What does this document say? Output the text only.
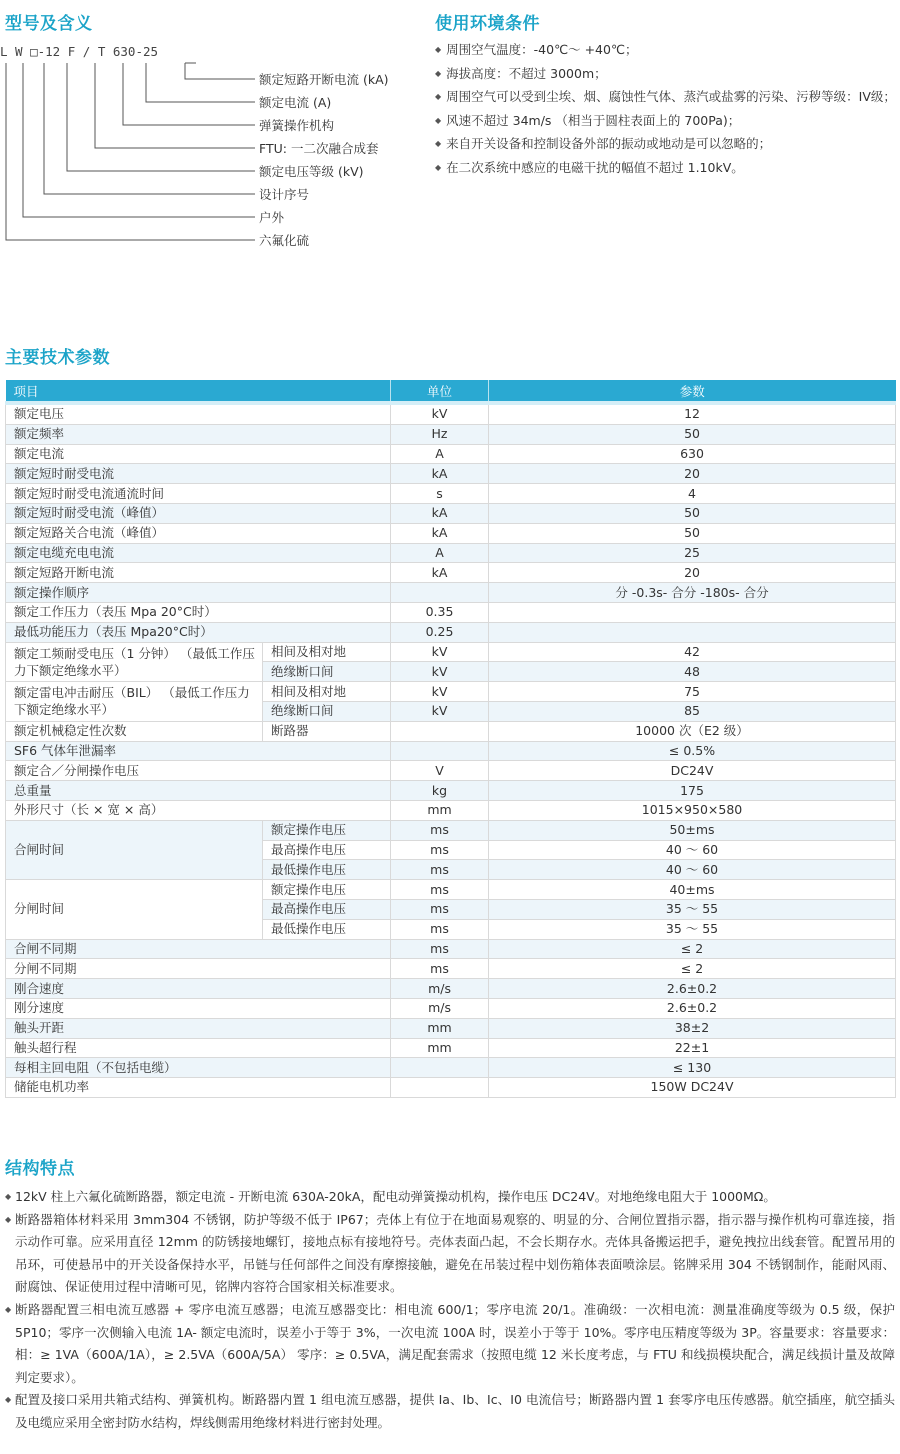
型号及含义
L W □-12 F / T 630-25
额定短路开断电流 (kA)
额定电流 (A)
弹簧操作机构
FTU: 一二次融合成套
额定电压等级 (kV)
设计序号
户外
六氟化硫
使用环境条件
◆ 周围空气温度：-40℃～ +40℃；
◆ 海拔高度：不超过 3000m；
◆ 周围空气可以受到尘埃、烟、腐蚀性气体、蒸汽或盐雾的污染、污秽等级：IV级；
◆ 风速不超过 34m/s （相当于圆柱表面上的 700Pa)；
◆ 来自开关设备和控制设备外部的振动或地动是可以忽略的；
◆ 在二次系统中感应的电磁干扰的幅值不超过 1.10kV。
主要技术参数
项目		单位	参数
额定电压		kV	12
额定频率		Hz	50
额定电流		A	630
额定短时耐受电流		kA	20
额定短时耐受电流通流时间		s	4
额定短时耐受电流（峰值）		kA	50
额定短路关合电流（峰值）		kA	50
额定电缆充电电流		A	25
额定短路开断电流		kA	20
额定操作顺序			分 -0.3s- 合分 -180s- 合分
额定工作压力（表压 Mpa 20°C时）		0.35	
最低功能压力（表压 Mpa20°C时）		0.25	
额定工频耐受电压（1 分钟） （最低工作压力下额定绝缘水平）	相间及相对地	kV	42
	绝缘断口间	kV	48
额定雷电冲击耐压（BIL） （最低工作压力下额定绝缘水平）	相间及相对地	kV	75
	绝缘断口间	kV	85
额定机械稳定性次数	断路器		10000 次（E2 级）
SF6 气体年泄漏率			≤ 0.5%
额定合／分闸操作电压		V	DC24V
总重量		kg	175
外形尺寸（长 × 宽 × 高）		mm	1015×950×580
合闸时间	额定操作电压	ms	50±ms
	最高操作电压	ms	40 ～ 60
	最低操作电压	ms	40 ～ 60
分闸时间	额定操作电压	ms	40±ms
	最高操作电压	ms	35 ～ 55
	最低操作电压	ms	35 ～ 55
合闸不同期		ms	≤ 2
分闸不同期		ms	≤ 2
刚合速度		m/s	2.6±0.2
刚分速度		m/s	2.6±0.2
触头开距		mm	38±2
触头超行程		mm	22±1
每相主回电阻（不包括电缆）			≤ 130
储能电机功率			150W DC24V
结构特点
◆ 12kV 柱上六氟化硫断路器，额定电流 - 开断电流 630A-20kA，配电动弹簧操动机构，操作电压 DC24V。对地绝缘电阻大于 1000MΩ。
◆ 断路器箱体材料采用 3mm304 不锈钢，防护等级不低于 IP67；壳体上有位于在地面易观察的、明显的分、合闸位置指示器，指示器与操作机构可靠连接，指示动作可靠。应采用直径 12mm 的防锈接地螺钉，接地点标有接地符号。壳体表面凸起，不会长期存水。壳体具备搬运把手，避免拽拉出线套管。配置吊用的吊环，可使悬吊中的开关设备保持水平，吊链与任何部件之间没有摩擦接触，避免在吊装过程中划伤箱体表面喷涂层。铭牌采用 304 不锈钢制作，能耐风雨、耐腐蚀、保证使用过程中清晰可见，铭牌内容符合国家相关标准要求。
◆ 断路器配置三相电流互感器 + 零序电流互感器；电流互感器变比：相电流 600/1；零序电流 20/1。准确级：一次相电流：测量准确度等级为 0.5 级，保护 5P10；零序一次侧输入电流 1A- 额定电流时，误差小于等于 3%，一次电流 100A 时，误差小于等于 10%。零序电压精度等级为 3P。容量要求：容量要求：相：≥ 1VA（600A/1A），≥ 2.5VA（600A/5A） 零序：≥ 0.5VA，满足配套需求（按照电缆 12 米长度考虑，与 FTU 和线损模块配合，满足线损计量及故障判定要求）。
◆ 配置及接口采用共箱式结构、弹簧机构。断路器内置 1 组电流互感器，提供 Ia、Ib、Ic、I0 电流信号；断路器内置 1 套零序电压传感器。航空插座，航空插头及电缆应采用全密封防水结构，焊线侧需用绝缘材料进行密封处理。
